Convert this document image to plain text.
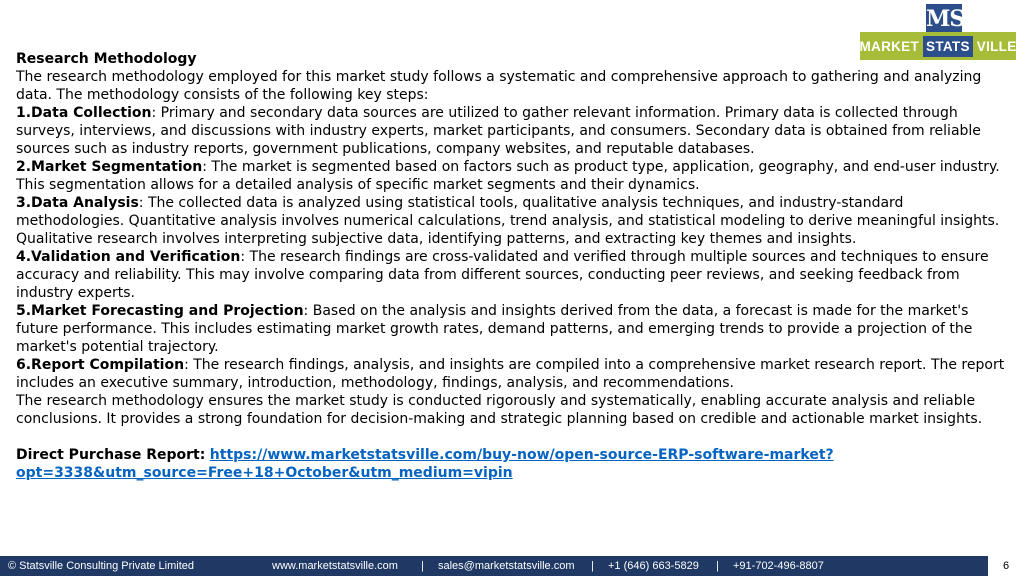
MS
MARKET STATS VILLE

Research Methodology

The research methodology employed for this market study follows a systematic and comprehensive approach to gathering and analyzing data. The methodology consists of the following key steps:

1.Data Collection: Primary and secondary data sources are utilized to gather relevant information. Primary data is collected through surveys, interviews, and discussions with industry experts, market participants, and consumers. Secondary data is obtained from reliable sources such as industry reports, government publications, company websites, and reputable databases.

2.Market Segmentation: The market is segmented based on factors such as product type, application, geography, and end-user industry. This segmentation allows for a detailed analysis of specific market segments and their dynamics.

3.Data Analysis: The collected data is analyzed using statistical tools, qualitative analysis techniques, and industry-standard methodologies. Quantitative analysis involves numerical calculations, trend analysis, and statistical modeling to derive meaningful insights. Qualitative research involves interpreting subjective data, identifying patterns, and extracting key themes and insights.

4.Validation and Verification: The research findings are cross-validated and verified through multiple sources and techniques to ensure accuracy and reliability. This may involve comparing data from different sources, conducting peer reviews, and seeking feedback from industry experts.

5.Market Forecasting and Projection: Based on the analysis and insights derived from the data, a forecast is made for the market's future performance. This includes estimating market growth rates, demand patterns, and emerging trends to provide a projection of the market's potential trajectory.

6.Report Compilation: The research findings, analysis, and insights are compiled into a comprehensive market research report. The report includes an executive summary, introduction, methodology, findings, analysis, and recommendations.

The research methodology ensures the market study is conducted rigorously and systematically, enabling accurate analysis and reliable conclusions. It provides a strong foundation for decision-making and strategic planning based on credible and actionable market insights.

Direct Purchase Report: https://www.marketstatsville.com/buy-now/open-source-ERP-software-market?opt=3338&utm_source=Free+18+October&utm_medium=vipin

© Statsville Consulting Private Limited	www.marketstatsville.com | sales@marketstatsville.com | +1 (646) 663-5829 | +91-702-496-8807	6
